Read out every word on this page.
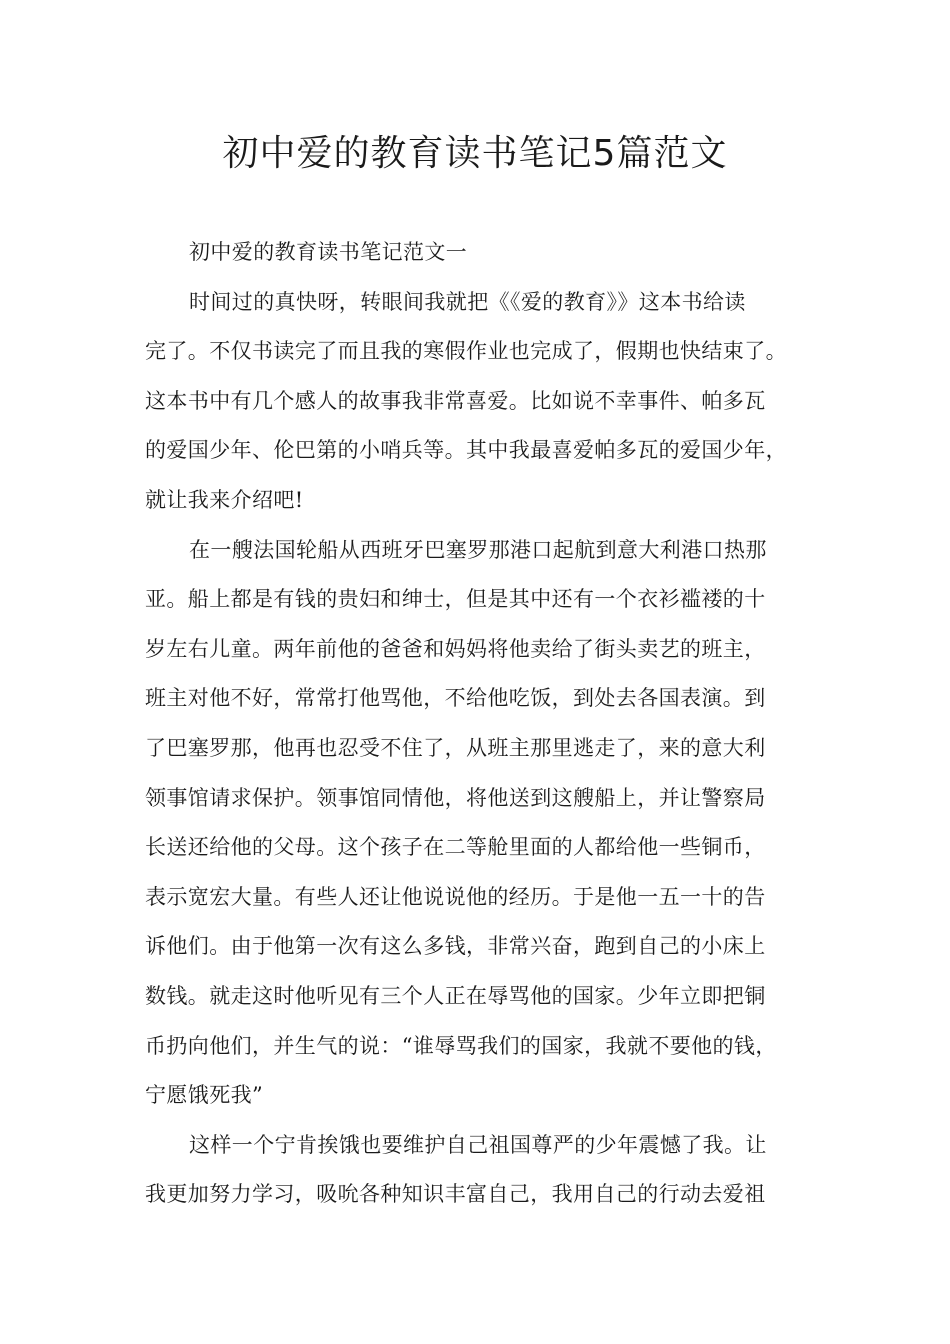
初中爱的教育读书笔记5篇范文
初中爱的教育读书笔记范文一
时间过的真快呀，转眼间我就把《《爱的教育》》这本书给读
完了。不仅书读完了而且我的寒假作业也完成了，假期也快结束了。
这本书中有几个感人的故事我非常喜爱。比如说不幸事件、帕多瓦
的爱国少年、伦巴第的小哨兵等。其中我最喜爱帕多瓦的爱国少年，
就让我来介绍吧!
在一艘法国轮船从西班牙巴塞罗那港口起航到意大利港口热那
亚。船上都是有钱的贵妇和绅士，但是其中还有一个衣衫褴褛的十
岁左右儿童。两年前他的爸爸和妈妈将他卖给了街头卖艺的班主，
班主对他不好，常常打他骂他，不给他吃饭，到处去各国表演。到
了巴塞罗那，他再也忍受不住了，从班主那里逃走了，来的意大利
领事馆请求保护。领事馆同情他，将他送到这艘船上，并让警察局
长送还给他的父母。这个孩子在二等舱里面的人都给他一些铜币，
表示宽宏大量。有些人还让他说说他的经历。于是他一五一十的告
诉他们。由于他第一次有这么多钱，非常兴奋，跑到自己的小床上
数钱。就走这时他听见有三个人正在辱骂他的国家。少年立即把铜
币扔向他们，并生气的说：“谁辱骂我们的国家，我就不要他的钱，
宁愿饿死我”
这样一个宁肯挨饿也要维护自己祖国尊严的少年震憾了我。让
我更加努力学习，吸吮各种知识丰富自己，我用自己的行动去爱祖
